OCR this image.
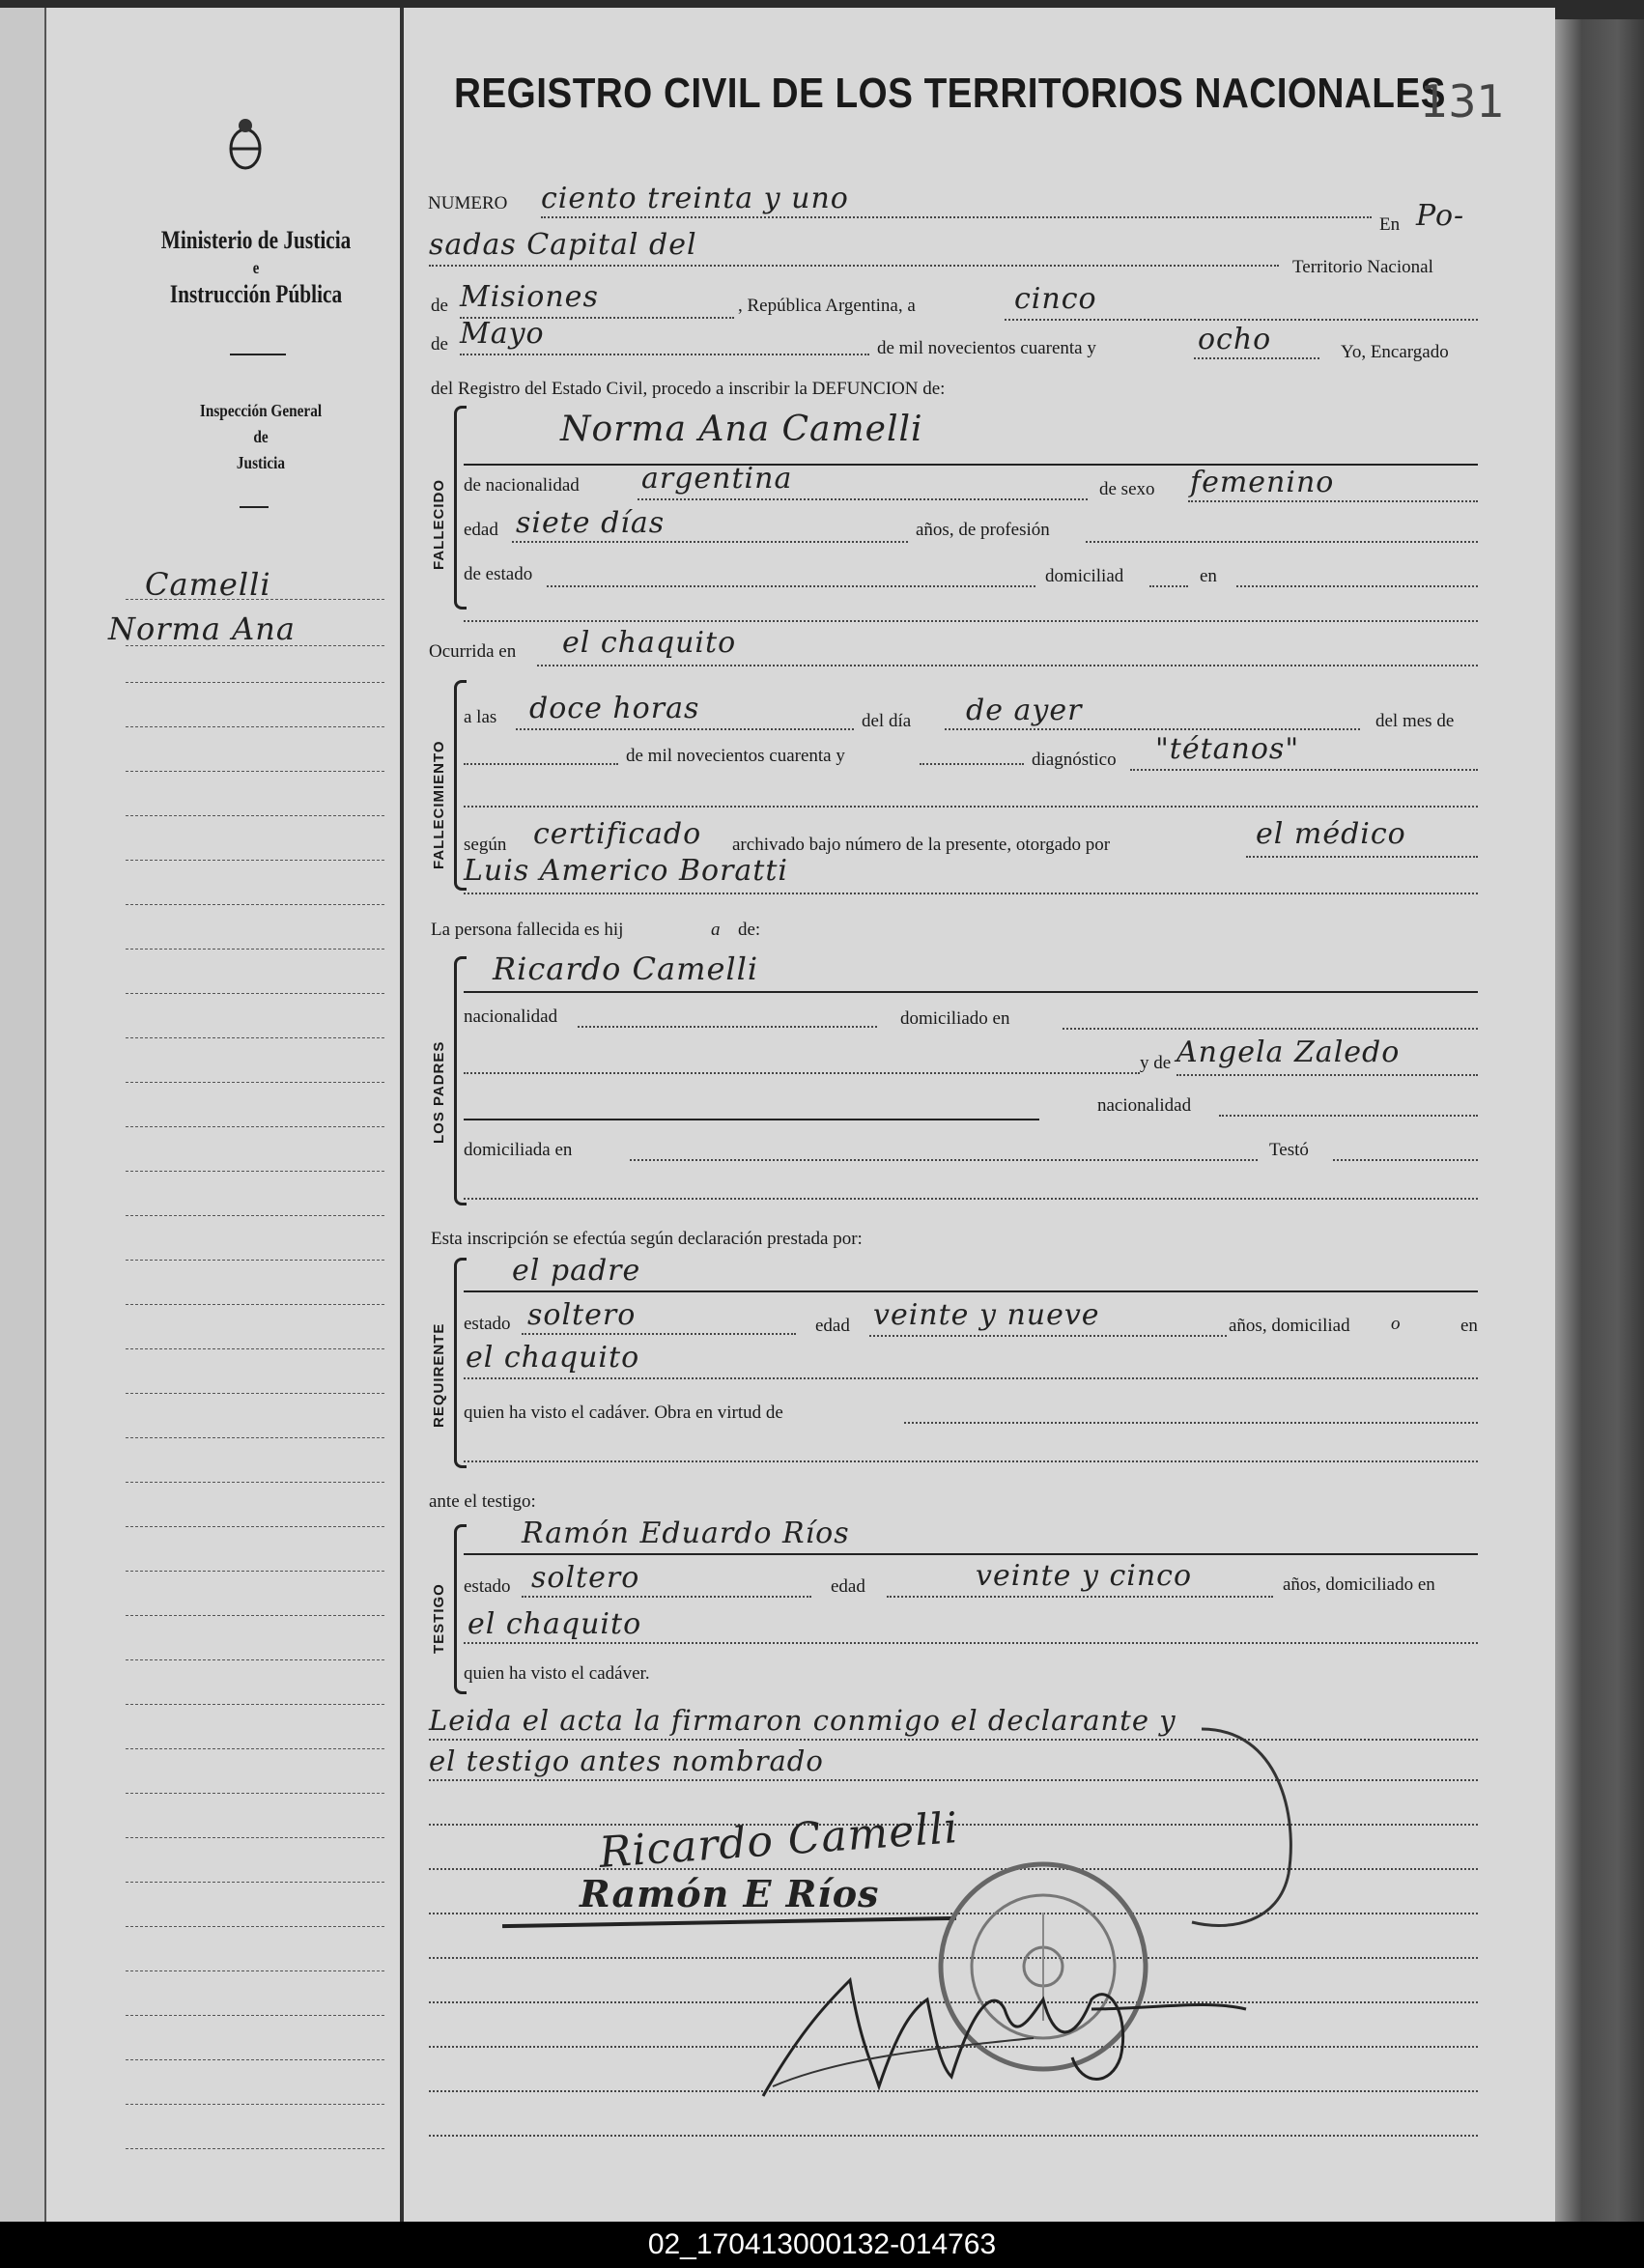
Ministerio de Justicia
e
Instrucción Pública
Inspección General
de
Justicia
Camelli
Norma Ana
REGISTRO CIVIL DE LOS TERRITORIOS NACIONALES
131
NUMERO ciento treinta y uno
En Po-
sadas Capital del
Territorio Nacional
de Misiones	, República Argentina, a	cinco
de Mayo	de mil novecientos cuarenta y	ocho	Yo, Encargado
del Registro del Estado Civil, procedo a inscribir la DEFUNCION de:
FALLECIDO
Norma Ana Camelli
de nacionalidad argentina	de sexo femenino
edad siete días	años, de profesión
de estado	domiciliad	en
Ocurrida en el chaquito
FALLECIMIENTO
a las doce horas	del día de ayer	del mes de
de mil novecientos cuarenta y	diagnóstico "tétanos"
según certificado archivado bajo número de la presente, otorgado por	el médico
Luis Americo Boratti
La persona fallecida es hij	a de:
LOS PADRES
Ricardo Camelli
nacionalidad	domiciliado en
y de Angela Zaledo
nacionalidad
domiciliada en	Testó
Esta inscripción se efectúa según declaración prestada por:
REQUIRENTE
el padre
estado soltero	edad veinte y nueve	años, domiciliad o	en
el chaquito
quien ha visto el cadáver. Obra en virtud de
ante el testigo:
TESTIGO
Ramón Eduardo Ríos
estado soltero	edad	veinte y cinco	años, domiciliado en
el chaquito
quien ha visto el cadáver.
Leida el acta la firmaron conmigo el declarante y
el testigo antes nombrado
Ricardo Camelli
Ramón E Ríos
02_170413000132-014763
